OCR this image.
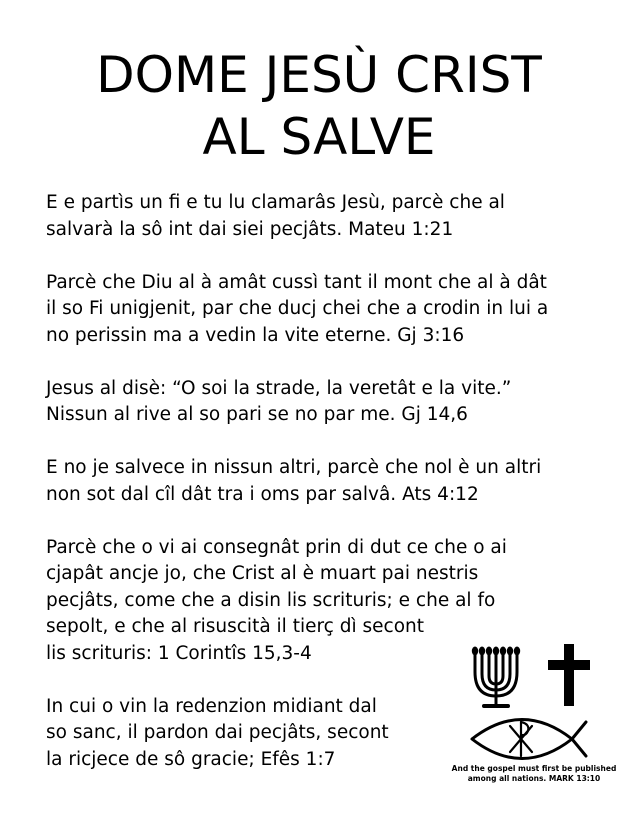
DOME JESÙ CRIST
AL SALVE

E e partìs un fi e tu lu clamarâs Jesù, parcè che al
salvarà la sô int dai siei pecjâts. Mateu 1:21

Parcè che Diu al à amât cussì tant il mont che al à dât
il so Fi unigjenit, par che ducj chei che a crodin in lui a
no perissin ma a vedin la vite eterne. Gj 3:16

Jesus al disè: “O soi la strade, la veretât e la vite.”
Nissun al rive al so pari se no par me. Gj 14,6

E no je salvece in nissun altri, parcè che nol è un altri
non sot dal cîl dât tra i oms par salvâ. Ats 4:12

Parcè che o vi ai consegnât prin di dut ce che o ai
cjapât ancje jo, che Crist al è muart pai nestris
pecjâts, come che a disin lis scrituris; e che al fo
sepolt, e che al risuscità il tierç dì secont
lis scrituris: 1 Corintîs 15,3-4

In cui o vin la redenzion midiant dal
so sanc, il pardon dai pecjâts, secont
la ricjece de sô gracie; Efês 1:7	And the gospel must first be published
among all nations. MARK 13:10
